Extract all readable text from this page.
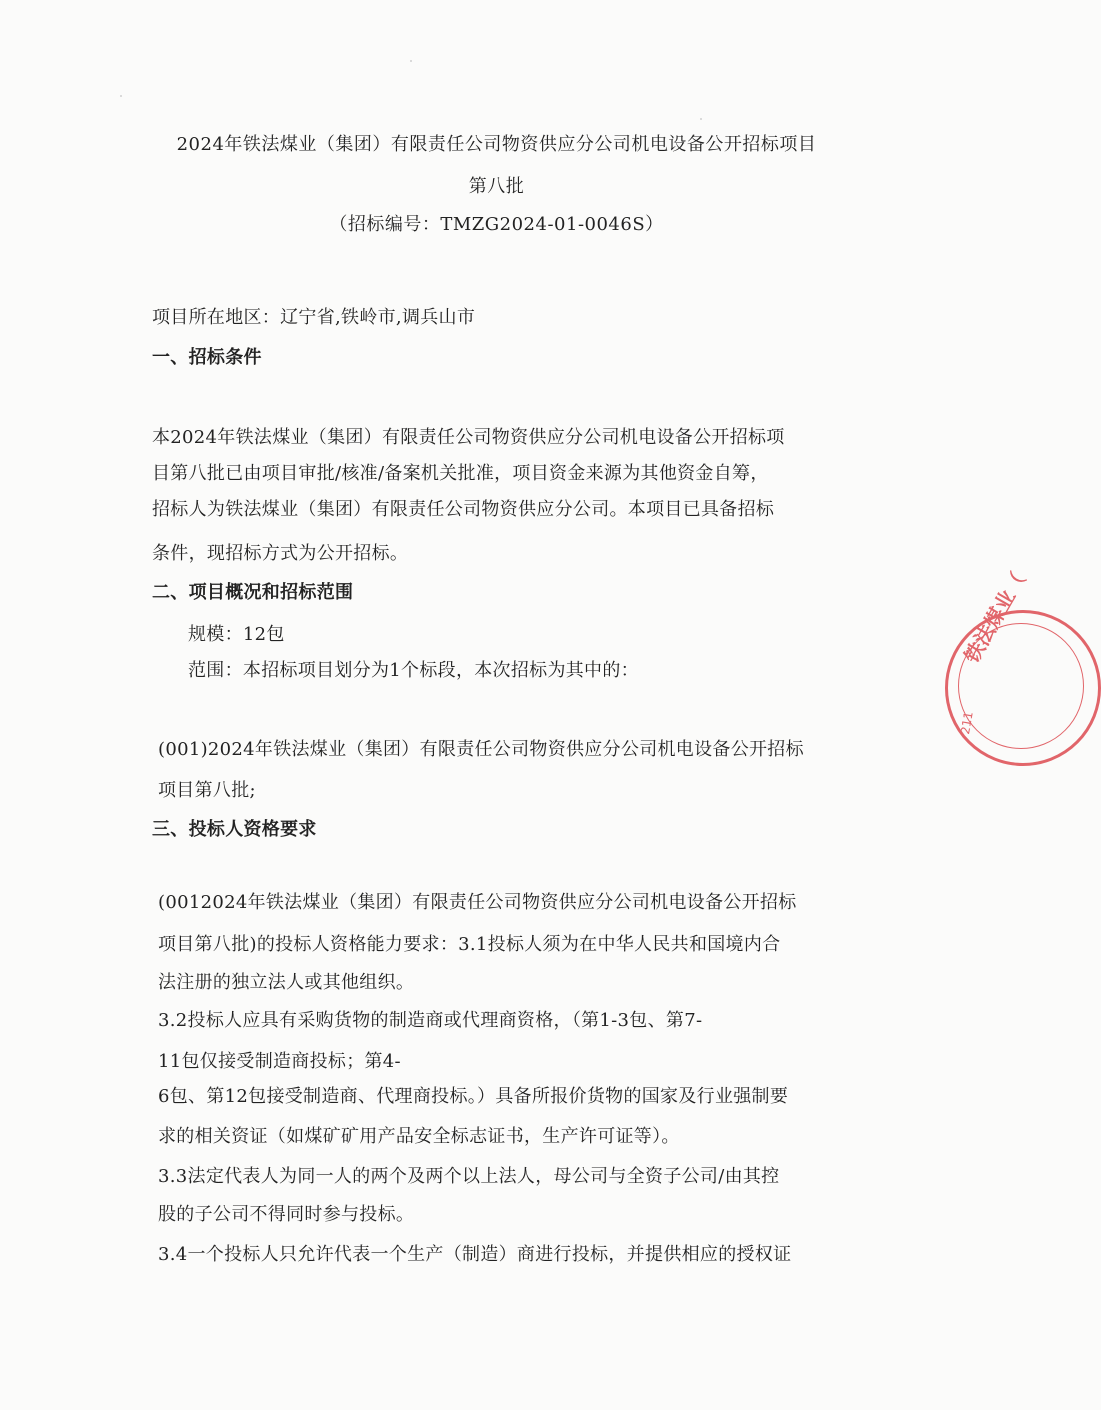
2024年铁法煤业（集团）有限责任公司物资供应分公司机电设备公开招标项目
第八批
（招标编号：TMZG2024-01-0046S）
项目所在地区：辽宁省,铁岭市,调兵山市
一、招标条件
本2024年铁法煤业（集团）有限责任公司物资供应分公司机电设备公开招标项
目第八批已由项目审批/核准/备案机关批准，项目资金来源为其他资金自筹，
招标人为铁法煤业（集团）有限责任公司物资供应分公司。本项目已具备招标
条件，现招标方式为公开招标。
二、项目概况和招标范围
规模：12包
范围：本招标项目划分为1个标段，本次招标为其中的：
(001)2024年铁法煤业（集团）有限责任公司物资供应分公司机电设备公开招标
项目第八批;
三、投标人资格要求
(0012024年铁法煤业（集团）有限责任公司物资供应分公司机电设备公开招标
项目第八批)的投标人资格能力要求：3.1投标人须为在中华人民共和国境内合
法注册的独立法人或其他组织。
3.2投标人应具有采购货物的制造商或代理商资格，（第1-3包、第7-
11包仅接受制造商投标；第4-
6包、第12包接受制造商、代理商投标。）具备所报价货物的国家及行业强制要
求的相关资证（如煤矿矿用产品安全标志证书，生产许可证等）。
3.3法定代表人为同一人的两个及两个以上法人，母公司与全资子公司/由其控
股的子公司不得同时参与投标。
3.4一个投标人只允许代表一个生产（制造）商进行投标，并提供相应的授权证
铁法煤业（
211
